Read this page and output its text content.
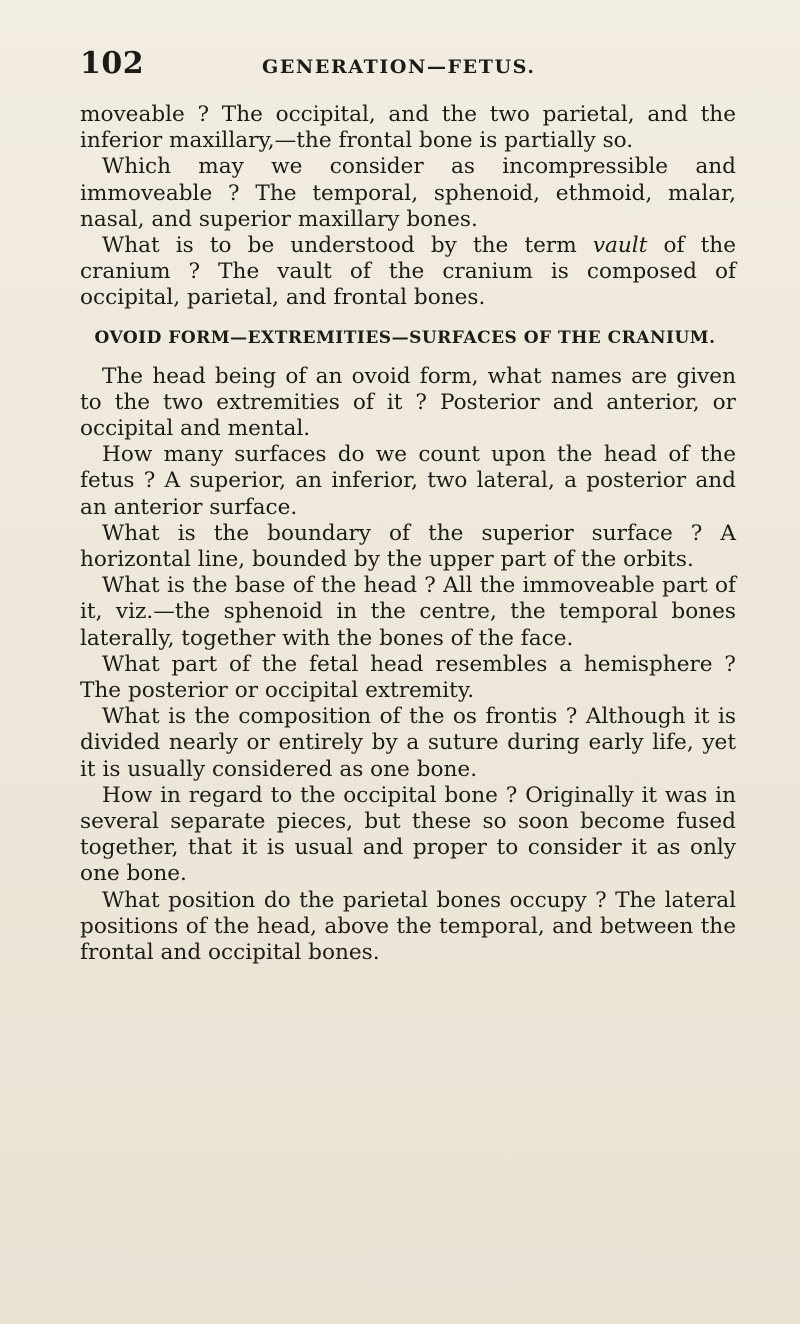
102	GENERATION—FETUS.

moveable ? The occipital, and the two parietal, and the inferior maxillary,—the frontal bone is partially so.

Which may we consider as incompressible and immoveable ? The temporal, sphenoid, ethmoid, malar, nasal, and superior maxillary bones.

What is to be understood by the term vault of the cranium ? The vault of the cranium is composed of occipital, parietal, and frontal bones.

OVOID FORM—EXTREMITIES—SURFACES OF THE CRANIUM.

The head being of an ovoid form, what names are given to the two extremities of it ? Posterior and anterior, or occipital and mental.

How many surfaces do we count upon the head of the fetus ? A superior, an inferior, two lateral, a posterior and an anterior surface.

What is the boundary of the superior surface ? A horizontal line, bounded by the upper part of the orbits.

What is the base of the head ? All the immoveable part of it, viz.—the sphenoid in the centre, the temporal bones laterally, together with the bones of the face.

What part of the fetal head resembles a hemisphere ? The posterior or occipital extremity.

What is the composition of the os frontis ? Although it is divided nearly or entirely by a suture during early life, yet it is usually considered as one bone.

How in regard to the occipital bone ? Originally it was in several separate pieces, but these so soon become fused together, that it is usual and proper to consider it as only one bone.

What position do the parietal bones occupy ? The lateral positions of the head, above the temporal, and between the frontal and occipital bones.
